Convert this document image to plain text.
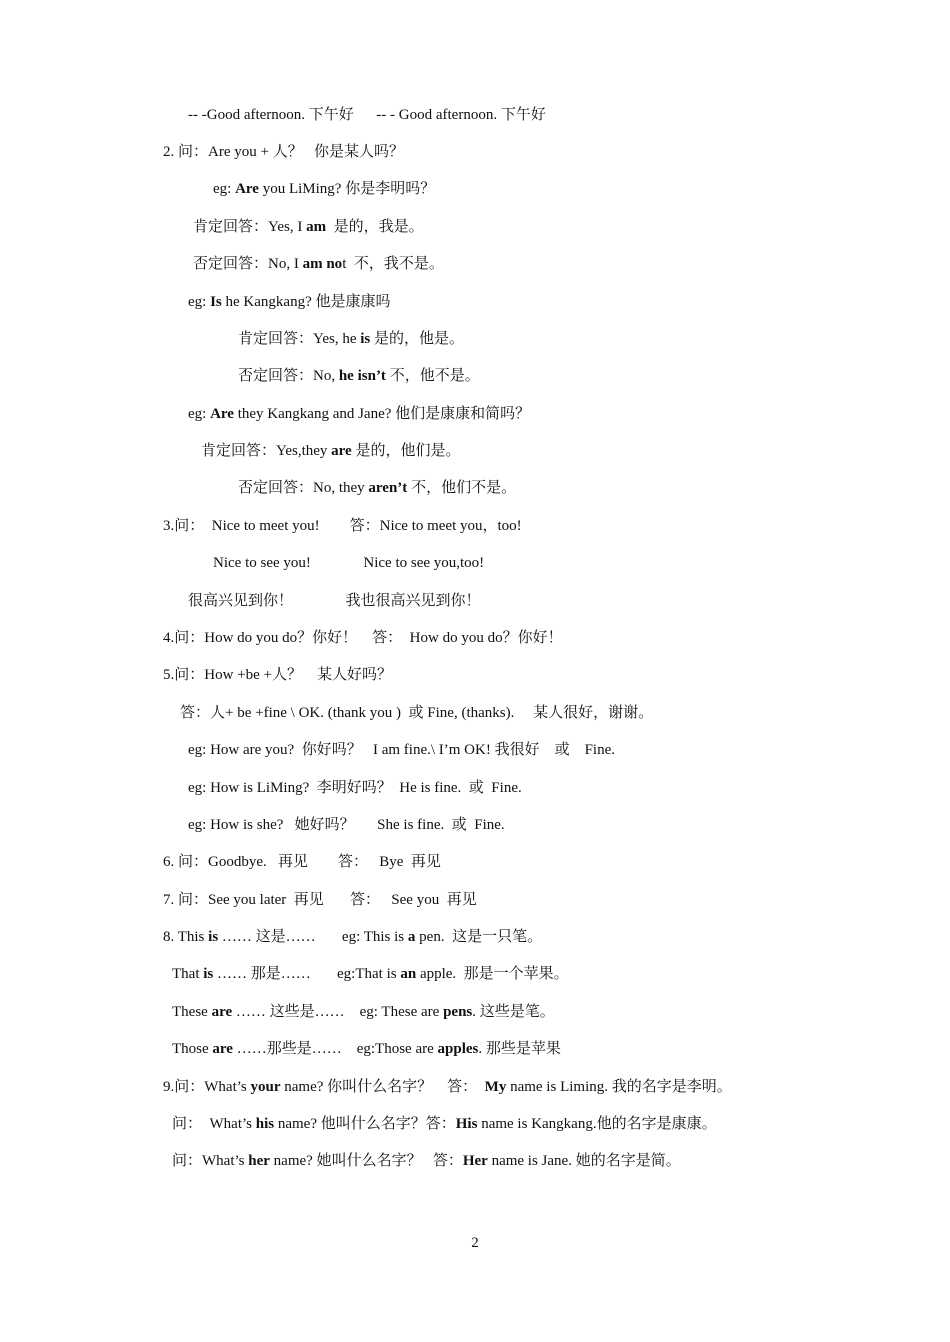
-- -Good afternoon. 下午好      -- - Good afternoon. 下午好
2. 问：Are you + 人？   你是某人吗？
eg: Are you LiMing? 你是李明吗？
肯定回答：Yes, I am  是的，我是。
否定回答：No, I am not  不，我不是。
eg: Is he Kangkang? 他是康康吗
肯定回答：Yes, he is 是的，他是。
否定回答：No, he isn’t 不，他不是。
eg: Are they Kangkang and Jane? 他们是康康和简吗？
肯定回答：Yes,they are 是的，他们是。
否定回答：No, they aren’t 不，他们不是。
3.问：  Nice to meet you!        答：Nice to meet you，too!
Nice to see you!              Nice to see you,too!
很高兴见到你！              我也很高兴见到你！
4.问：How do you do？你好！    答：  How do you do？你好！
5.问：How +be +人？    某人好吗？
答：人+ be +fine \ OK. (thank you )  或 Fine, (thanks).     某人很好，谢谢。
eg: How are you?  你好吗？   I am fine.\ I’m OK! 我很好    或    Fine.
eg: How is LiMing?  李明好吗？  He is fine.  或  Fine.
eg: How is she?   她好吗？      She is fine.  或  Fine.
6. 问：Goodbye.   再见        答：   Bye  再见
7. 问：See you later  再见       答：   See you  再见
8. This is …… 这是……       eg: This is a pen.  这是一只笔。
That is …… 那是……       eg:That is an apple.  那是一个苹果。
These are …… 这些是……    eg: These are pens. 这些是笔。
Those are ……那些是……    eg:Those are apples. 那些是苹果
9.问：What’s your name? 你叫什么名字？    答：  My name is Liming. 我的名字是李明。
问：  What’s his name? 他叫什么名字？答：His name is Kangkang.他的名字是康康。
问：What’s her name? 她叫什么名字？   答：Her name is Jane. 她的名字是简。
2
